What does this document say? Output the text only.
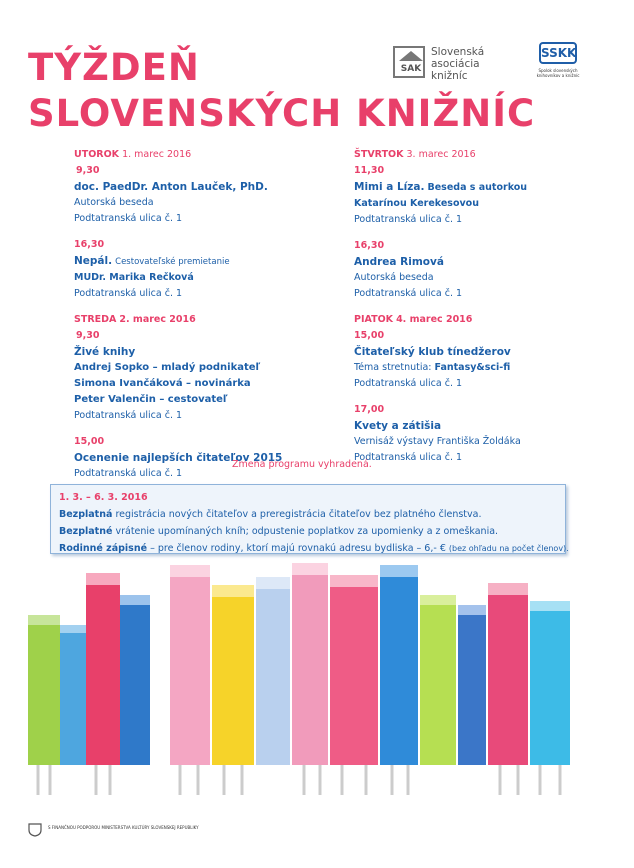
TÝŽDEŇ
SLOVENSKÝCH KNIŽNÍC
SAK
Slovenská
asociácia
knižníc
SSKK
Spolok slovenských
knihovníkov a knižníc
UTOROK 1. marec 2016
9,30
doc. PaedDr. Anton Lauček, PhD.
Autorská beseda
Podtatranská ulica č. 1
16,30
Nepál. Cestovateľské premietanie
MUDr. Marika Rečková
Podtatranská ulica č. 1
STREDA 2. marec 2016
9,30
Živé knihy
Andrej Sopko – mladý podnikateľ
Simona Ivančáková – novinárka
Peter Valenčin – cestovateľ
Podtatranská ulica č. 1
15,00
Ocenenie najlepších čitateľov 2015
Podtatranská ulica č. 1
ŠTVRTOK 3. marec 2016
11,30
Mimi a Líza. Beseda s autorkou
Katarínou Kerekesovou
Podtatranská ulica č. 1
16,30
Andrea Rimová
Autorská beseda
Podtatranská ulica č. 1
PIATOK 4. marec 2016
15,00
Čitateľský klub tínedžerov
Téma stretnutia: Fantasy&sci-fi
Podtatranská ulica č. 1
17,00
Kvety a zátišia
Vernisáž výstavy Františka Žoldáka
Podtatranská ulica č. 1
Zmena programu vyhradená.
1. 3. – 6. 3. 2016
Bezplatná registrácia nových čitateľov a preregistrácia čitateľov bez platného členstva.
Bezplatné vrátenie upomínaných kníh; odpustenie poplatkov za upomienky a z omeškania.
Rodinné zápisné – pre členov rodiny, ktorí majú rovnakú adresu bydliska – 6,- € (bez ohľadu na počet členov).
S FINANČNOU PODPOROU MINISTERSTVA KULTÚRY SLOVENSKEJ REPUBLIKY
